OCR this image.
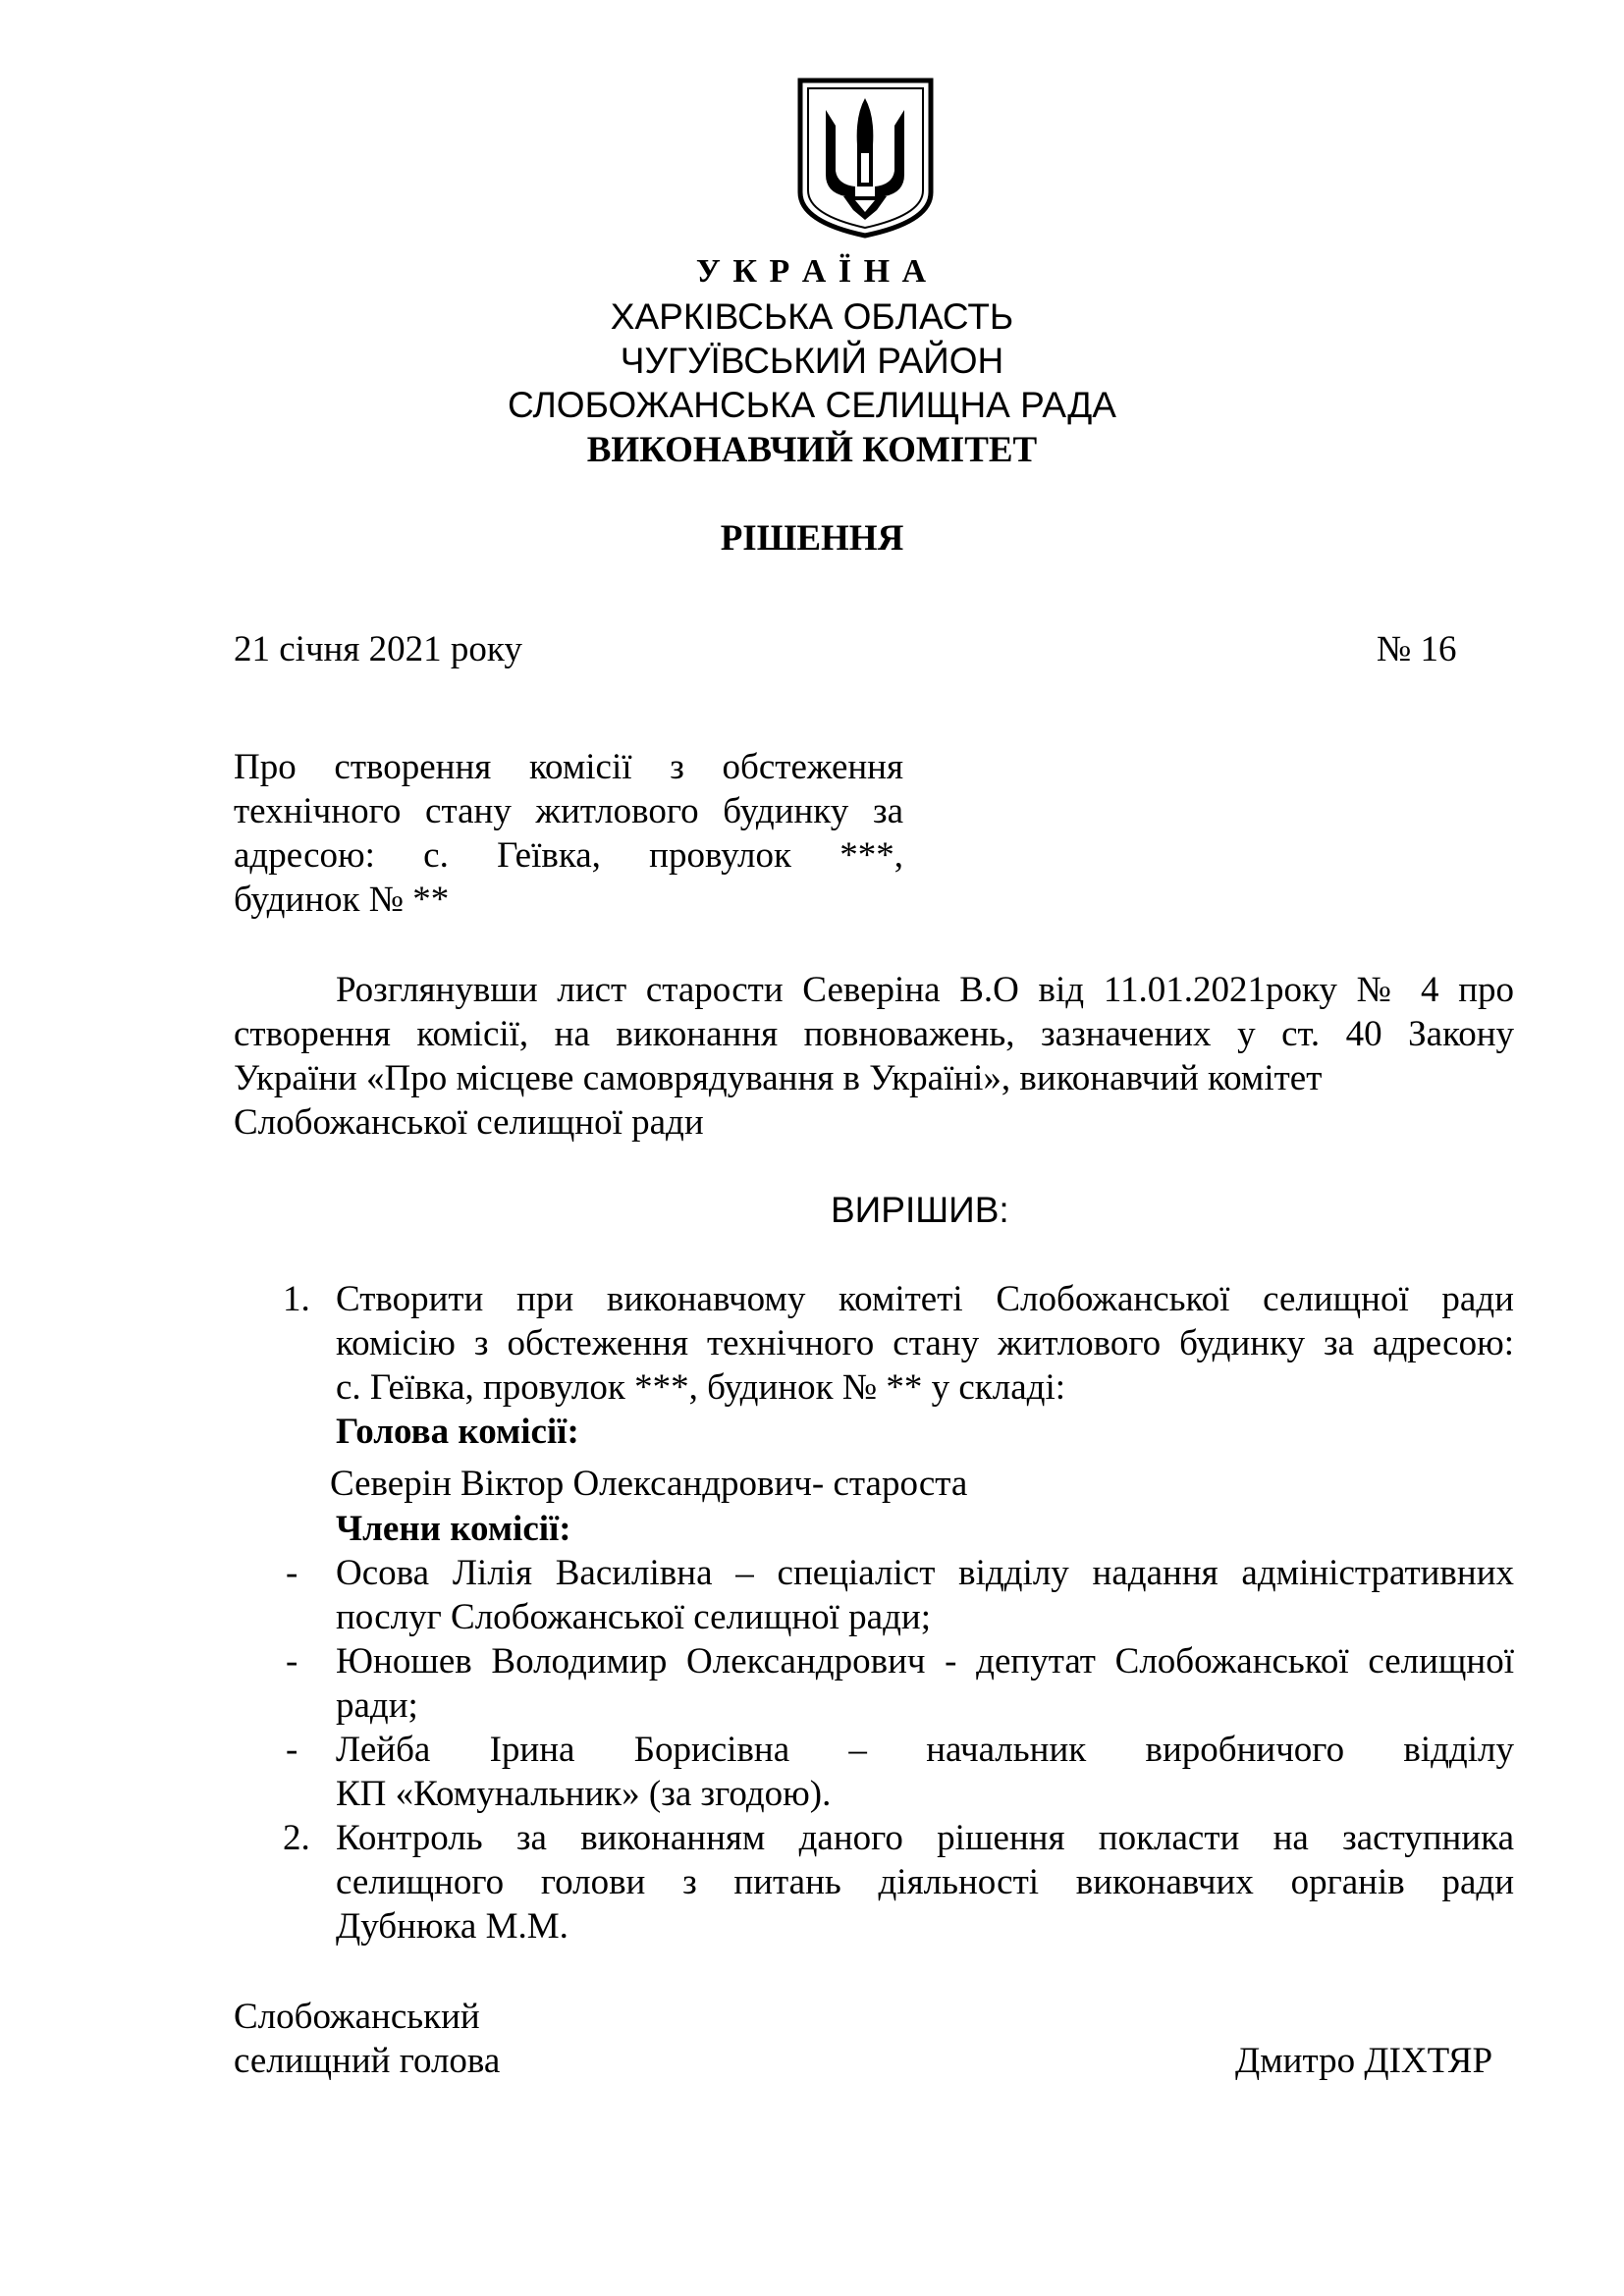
У К Р А Ї Н А
ХАРКІВСЬКА ОБЛАСТЬ
ЧУГУЇВСЬКИЙ РАЙОН
СЛОБОЖАНСЬКА СЕЛИЩНА РАДА
ВИКОНАВЧИЙ КОМІТЕТ
РІШЕННЯ
21 січня 2021 року	№ 16
Про створення комісії з обстеження
технічного стану житлового будинку за
адресою: с. Геївка, провулок ***,
будинок № **
Розглянувши лист старости Северіна В.О від 11.01.2021року № 4 про
створення комісії, на виконання повноважень, зазначених у ст. 40 Закону
України «Про місцеве самоврядування в Україні», виконавчий комітет
Слобожанської селищної ради
ВИРІШИВ:
1. Створити при виконавчому комітеті Слобожанської селищної ради
комісію з обстеження технічного стану житлового будинку за адресою:
с. Геївка, провулок ***, будинок № ** у складі:
Голова комісії:
Северін Віктор Олександрович- староста
Члени комісії:
- Осова Лілія Василівна – спеціаліст відділу надання адміністративних
послуг Слобожанської селищної ради;
- Юношев Володимир Олександрович - депутат Слобожанської селищної
ради;
- Лейба Ірина Борисівна – начальник виробничого відділу
КП «Комунальник» (за згодою).
2. Контроль за виконанням даного рішення покласти на заступника
селищного голови з питань діяльності виконавчих органів ради
Дубнюка М.М.
Слобожанський
селищний голова	Дмитро ДІХТЯР
